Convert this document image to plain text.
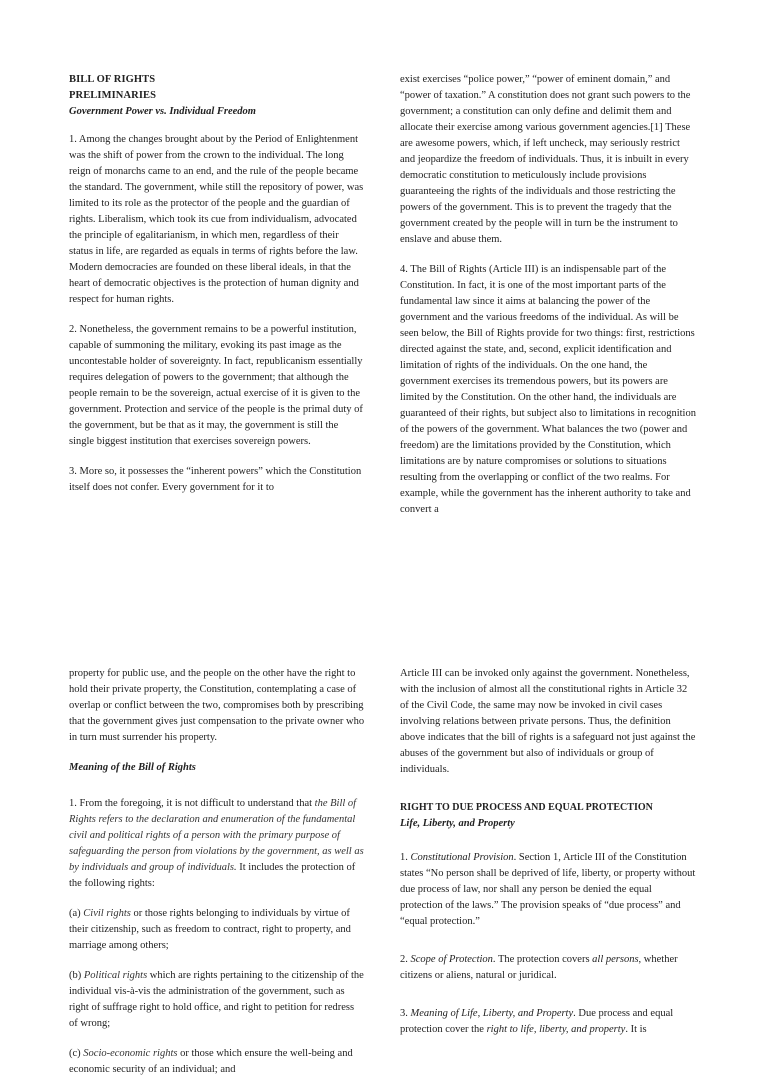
BILL OF RIGHTS
PRELIMINARIES
Government Power vs. Individual Freedom

1. Among the changes brought about by the Period of Enlightenment was the shift of power from the crown to the individual. The long reign of monarchs came to an end, and the rule of the people became the standard. The government, while still the repository of power, was limited to its role as the protector of the people and the guardian of rights. Liberalism, which took its cue from individualism, advocated the principle of egalitarianism, in which men, regardless of their status in life, are regarded as equals in terms of rights before the law. Modern democracies are founded on these liberal ideals, in that the heart of democratic objectives is the protection of human dignity and respect for human rights.

2. Nonetheless, the government remains to be a powerful institution, capable of summoning the military, evoking its past image as the uncontestable holder of sovereignty. In fact, republicanism essentially requires delegation of powers to the government; that although the people remain to be the sovereign, actual exercise of it is given to the government. Protection and service of the people is the primal duty of the government, but be that as it may, the government is still the single biggest institution that exercises sovereign powers.

3. More so, it possesses the “inherent powers” which the Constitution itself does not confer. Every government for it to

exist exercises “police power,” “power of eminent domain,” and “power of taxation.” A constitution does not grant such powers to the government; a constitution can only define and delimit them and allocate their exercise among various government agencies.[1] These are awesome powers, which, if left uncheck, may seriously restrict and jeopardize the freedom of individuals. Thus, it is inbuilt in every democratic constitution to meticulously include provisions guaranteeing the rights of the individuals and those restricting the powers of the government. This is to prevent the tragedy that the government created by the people will in turn be the instrument to enslave and abuse them.

4. The Bill of Rights (Article III) is an indispensable part of the Constitution. In fact, it is one of the most important parts of the fundamental law since it aims at balancing the power of the government and the various freedoms of the individual. As will be seen below, the Bill of Rights provide for two things: first, restrictions directed against the state, and, second, explicit identification and limitation of rights of the individuals. On the one hand, the government exercises its tremendous powers, but its powers are limited by the Constitution. On the other hand, the individuals are guaranteed of their rights, but subject also to limitations in recognition of the powers of the government. What balances the two (power and freedom) are the limitations provided by the Constitution, which limitations are by nature compromises or solutions to situations resulting from the overlapping or conflict of the two realms. For example, while the government has the inherent authority to take and convert a

property for public use, and the people on the other have the right to hold their private property, the Constitution, contemplating a case of overlap or conflict between the two, compromises both by prescribing that the government gives just compensation to the private owner who in turn must surrender his property.

Meaning of the Bill of Rights

1. From the foregoing, it is not difficult to understand that the Bill of Rights refers to the declaration and enumeration of the fundamental civil and political rights of a person with the primary purpose of safeguarding the person from violations by the government, as well as by individuals and group of individuals. It includes the protection of the following rights:

(a) Civil rights or those rights belonging to individuals by virtue of their citizenship, such as freedom to contract, right to property, and marriage among others;

(b) Political rights which are rights pertaining to the citizenship of the individual vis-à-vis the administration of the government, such as right of suffrage right to hold office, and right to petition for redress of wrong;

(c) Socio-economic rights or those which ensure the well-being and economic security of an individual; and

Article III can be invoked only against the government. Nonetheless, with the inclusion of almost all the constitutional rights in Article 32 of the Civil Code, the same may now be invoked in civil cases involving relations between private persons. Thus, the definition above indicates that the bill of rights is a safeguard not just against the abuses of the government but also of individuals or group of individuals.

RIGHT TO DUE PROCESS AND EQUAL PROTECTION
Life, Liberty, and Property

1. Constitutional Provision. Section 1, Article III of the Constitution states “No person shall be deprived of life, liberty, or property without due process of law, nor shall any person be denied the equal protection of the laws.” The provision speaks of “due process” and “equal protection.”

2. Scope of Protection. The protection covers all persons, whether citizens or aliens, natural or juridical.

3. Meaning of Life, Liberty, and Property. Due process and equal protection cover the right to life, liberty, and property. It is
